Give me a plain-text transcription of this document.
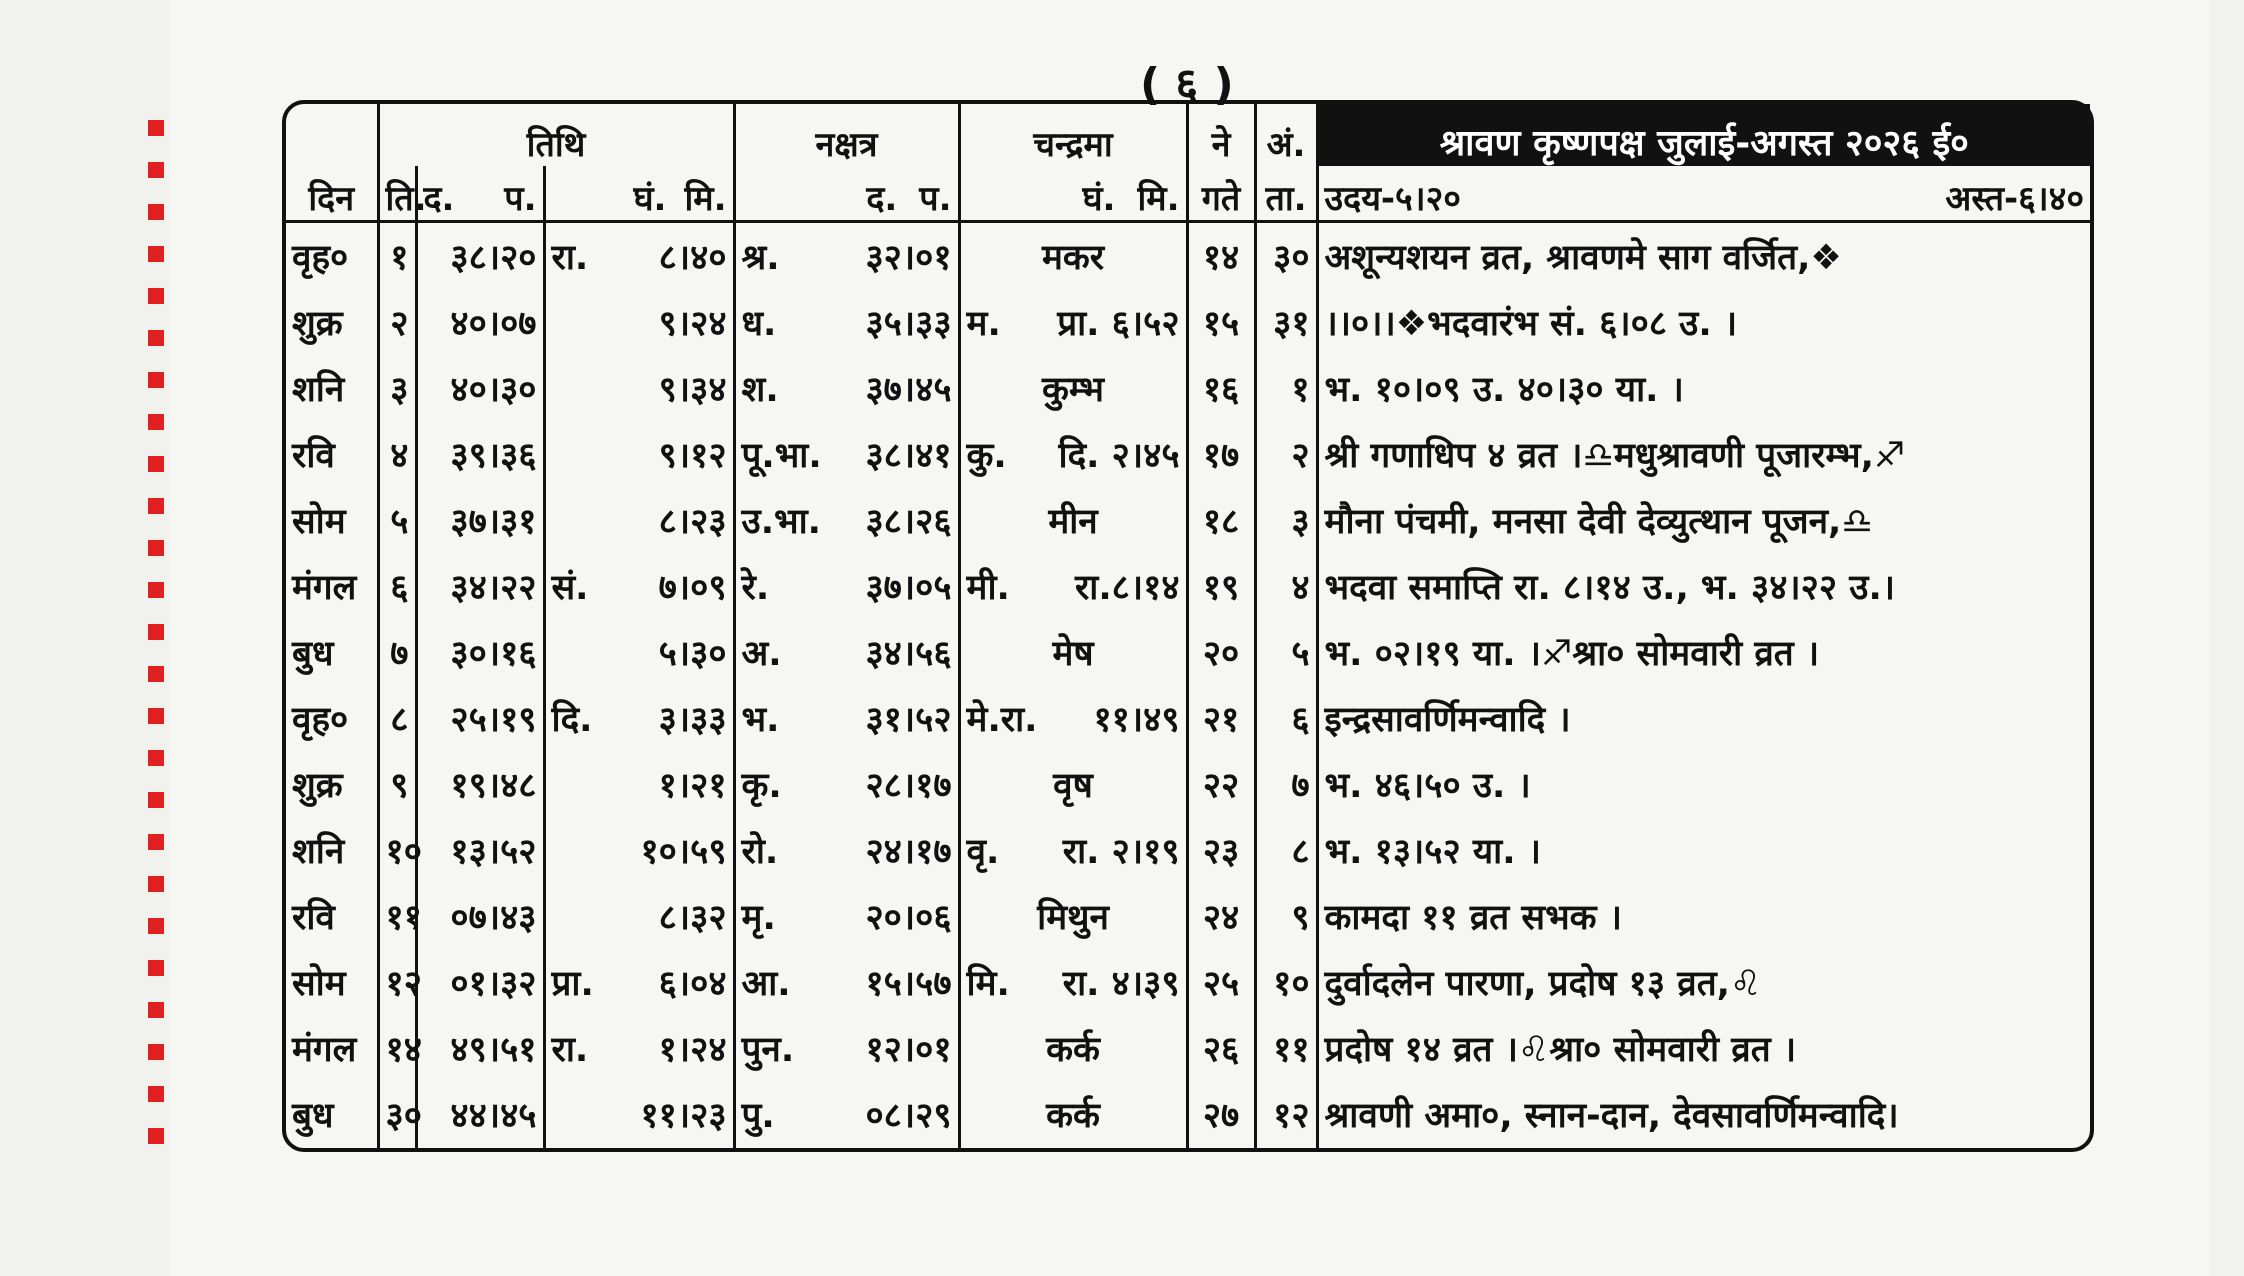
( ६ )
	तिथि			नक्षत्र	चन्द्रमा	ने	अं.	श्रावण कृष्णपक्ष जुलाई-अगस्त २०२६ ई०
दिन	ति.	द. प.	घं. मि.	द. प.	घं. मि.	गते	ता.	उदय-५।२० अस्त-६।४०

वृह०	१	३८।२०	रा. ८।४०	श्र. ३२।०१	मकर	१४	३०	अशून्यशयन व्रत, श्रावणमे साग वर्जित,❖
शुक्र	२	४०।०७	९।२४	ध. ३५।३३	म. प्रा. ६।५२	१५	३१	।।०।।❖भदवारंभ सं. ६।०८ उ. ।
शनि	३	४०।३०	९।३४	श. ३७।४५	कुम्भ	१६	१	भ. १०।०९ उ. ४०।३० या. ।
रवि	४	३९।३६	९।१२	पू.भा. ३८।४१	कु. दि. २।४५	१७	२	श्री गणाधिप ४ व्रत ।♎मधुश्रावणी पूजारम्भ,♐
सोम	५	३७।३१	८।२३	उ.भा. ३८।२६	मीन	१८	३	मौना पंचमी, मनसा देवी देव्युत्थान पूजन,♎
मंगल	६	३४।२२	सं. ७।०९	रे. ३७।०५	मी. रा.८।१४	१९	४	भदवा समाप्ति रा. ८।१४ उ., भ. ३४।२२ उ.।
बुध	७	३०।१६	५।३०	अ. ३४।५६	मेष	२०	५	भ. ०२।१९ या. ।♐श्रा० सोमवारी व्रत ।
वृह०	८	२५।१९	दि. ३।३३	भ. ३१।५२	मे.रा. ११।४९	२१	६	इन्द्रसावर्णिमन्वादि ।
शुक्र	९	१९।४८	१।२१	कृ. २८।१७	वृष	२२	७	भ. ४६।५० उ. ।
शनि	१०	१३।५२	१०।५९	रो. २४।१७	वृ. रा. २।१९	२३	८	भ. १३।५२ या. ।
रवि	११	०७।४३	८।३२	मृ. २०।०६	मिथुन	२४	९	कामदा ११ व्रत सभक ।
सोम	१२	०१।३२	प्रा. ६।०४	आ. १५।५७	मि. रा. ४।३९	२५	१०	दुर्वादलेन पारणा, प्रदोष १३ व्रत,♌
मंगल	१४	४९।५१	रा. १।२४	पुन. १२।०१	कर्क	२६	११	प्रदोष १४ व्रत ।♌श्रा० सोमवारी व्रत ।
बुध	३०	४४।४५	११।२३	पु. ०८।२९	कर्क	२७	१२	श्रावणी अमा०, स्नान-दान, देवसावर्णिमन्वादि।
